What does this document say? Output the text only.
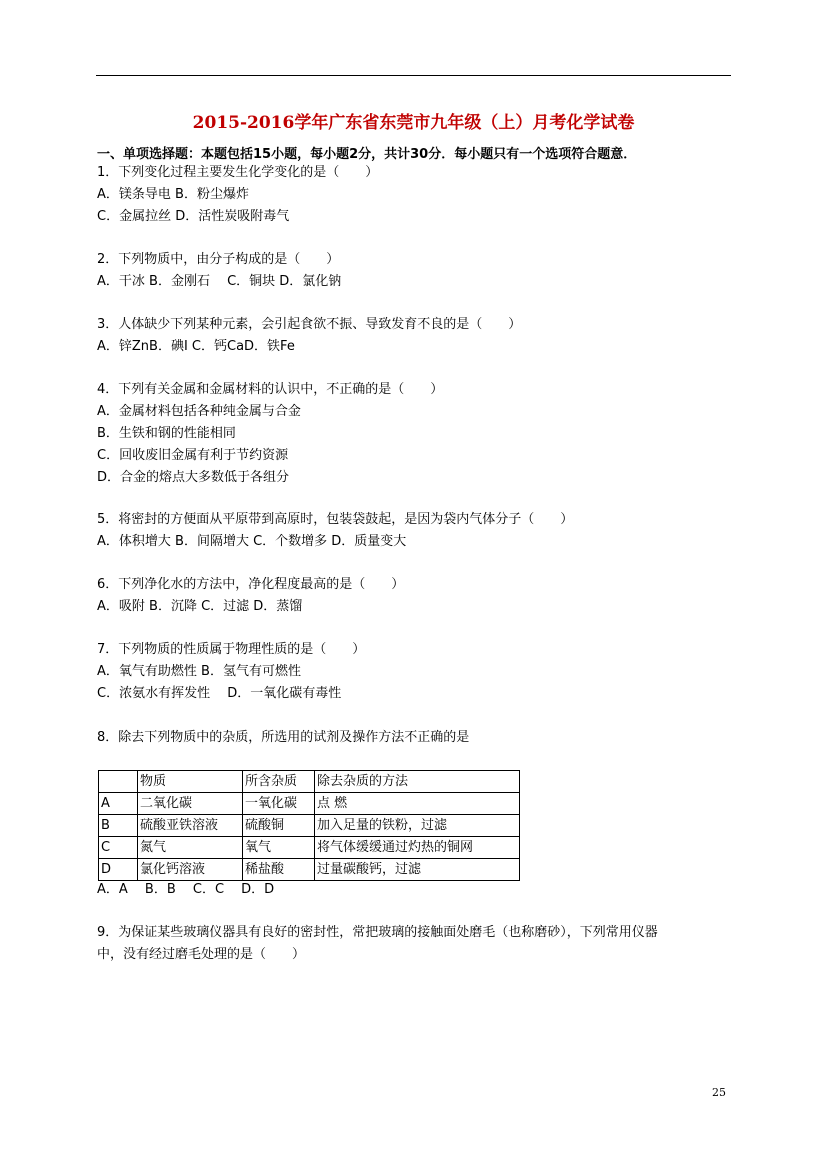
2015-2016学年广东省东莞市九年级（上）月考化学试卷
一、单项选择题：本题包括15小题，每小题2分，共计30分．每小题只有一个选项符合题意．
1．下列变化过程主要发生化学变化的是（　　）
A．镁条导电 B．粉尘爆炸
C．金属拉丝 D．活性炭吸附毒气
2．下列物质中，由分子构成的是（　　）
A．干冰 B．金刚石　 C．铜块 D．氯化钠
3．人体缺少下列某种元素，会引起食欲不振、导致发育不良的是（　　）
A．锌ZnB．碘I C．钙CaD．铁Fe
4．下列有关金属和金属材料的认识中，不正确的是（　　）
A．金属材料包括各种纯金属与合金
B．生铁和钢的性能相同
C．回收废旧金属有利于节约资源
D．合金的熔点大多数低于各组分
5．将密封的方便面从平原带到高原时，包装袋鼓起，是因为袋内气体分子（　　）
A．体积增大 B．间隔增大 C．个数增多 D．质量变大
6．下列净化水的方法中，净化程度最高的是（　　）
A．吸附 B．沉降 C．过滤 D．蒸馏
7．下列物质的性质属于物理性质的是（　　）
A．氧气有助燃性 B．氢气有可燃性
C．浓氨水有挥发性　 D．一氧化碳有毒性
8．除去下列物质中的杂质，所选用的试剂及操作方法不正确的是
	物质	所含杂质	除去杂质的方法
A	二氧化碳	一氧化碳	点 燃
B	硫酸亚铁溶液	硫酸铜	加入足量的铁粉，过滤
C	氮气	氧气	将气体缓缓通过灼热的铜网
D	氯化钙溶液	稀盐酸	过量碳酸钙，过滤
A．A　 B．B　 C．C　 D．D
9．为保证某些玻璃仪器具有良好的密封性，常把玻璃的接触面处磨毛（也称磨砂），下列常用仪器
中，没有经过磨毛处理的是（　　）
25
